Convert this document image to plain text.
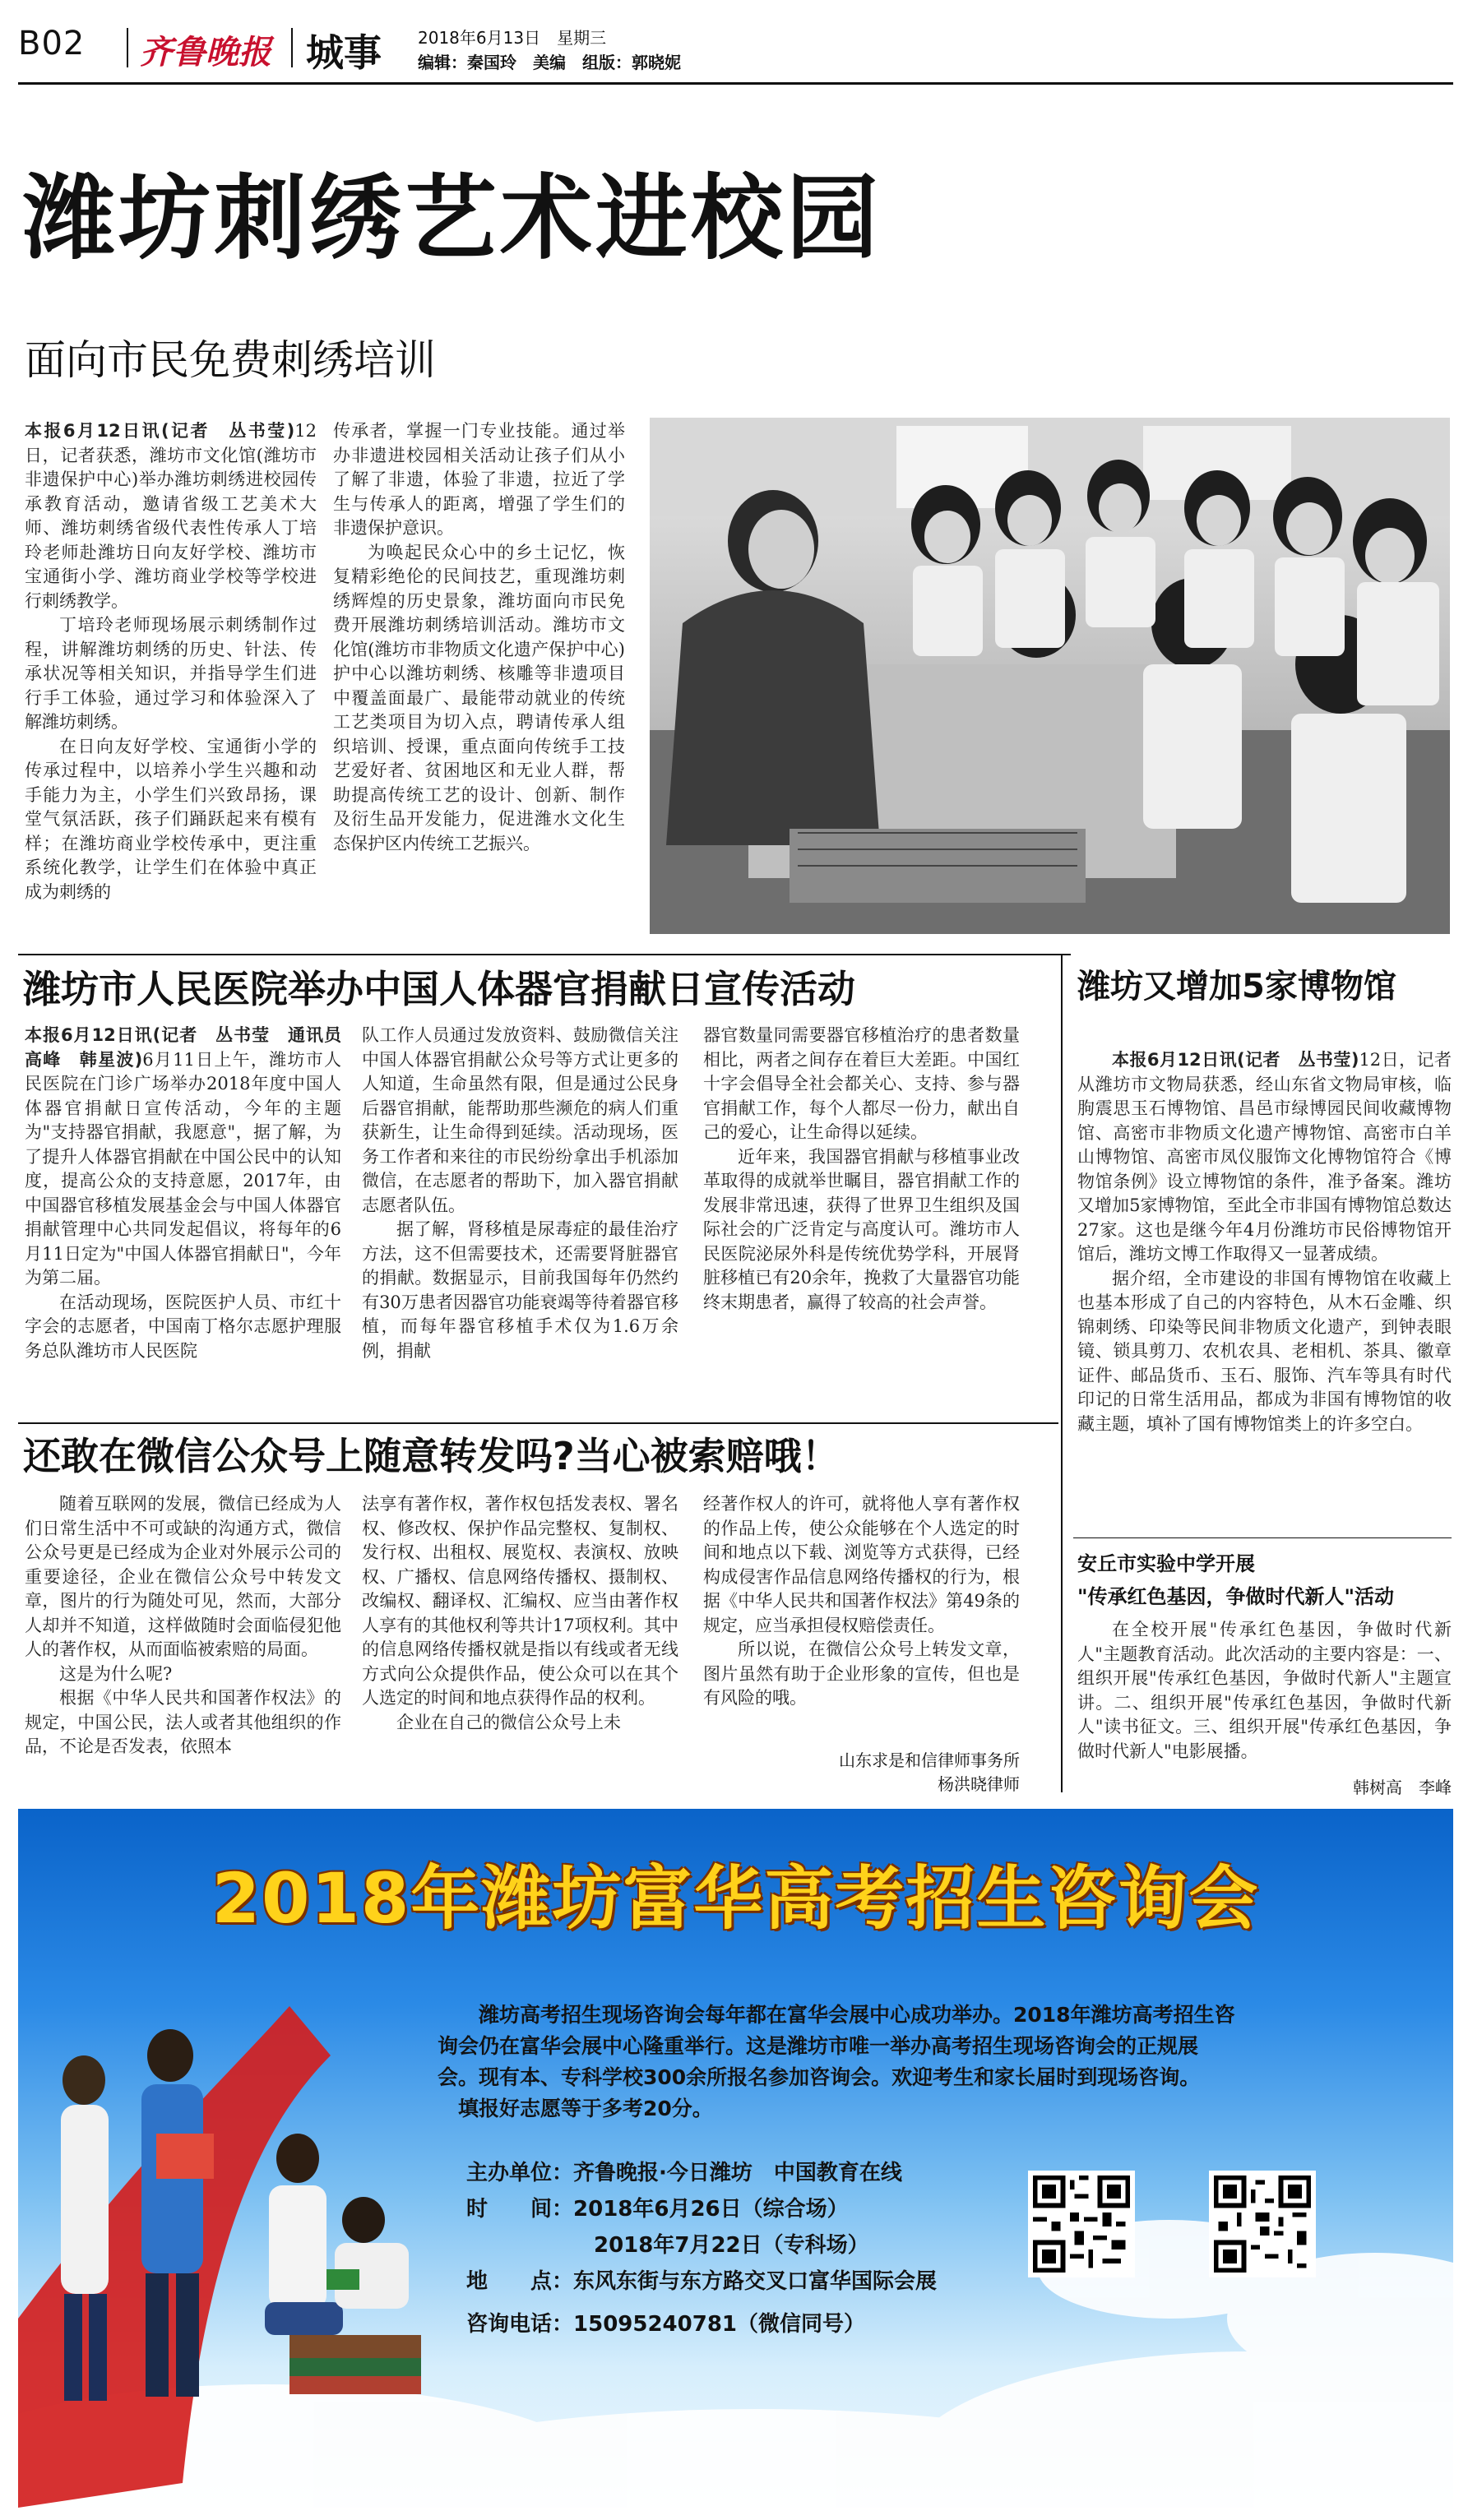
B02 齐鲁晚报 城事 2018年6月13日　星期三
编辑：秦国玲　美编　组版：郭晓妮
潍坊刺绣艺术进校园
面向市民免费刺绣培训

本报6月12日讯(记者　丛书莹)12日，记者获悉，潍坊市文化馆(潍坊市非遗保护中心)举办潍坊刺绣进校园传承教育活动，邀请省级工艺美术大师、潍坊刺绣省级代表性传承人丁培玲老师赴潍坊日向友好学校、潍坊市宝通街小学、潍坊商业学校等学校进行刺绣教学。

丁培玲老师现场展示刺绣制作过程，讲解潍坊刺绣的历史、针法、传承状况等相关知识，并指导学生们进行手工体验，通过学习和体验深入了解潍坊刺绣。

在日向友好学校、宝通街小学的传承过程中，以培养小学生兴趣和动手能力为主，小学生们兴致昂扬，课堂气氛活跃，孩子们踊跃起来有模有样；在潍坊商业学校传承中，更注重系统化教学，让学生们在体验中真正成为刺绣的

传承者，掌握一门专业技能。通过举办非遗进校园相关活动让孩子们从小了解了非遗，体验了非遗，拉近了学生与传承人的距离，增强了学生们的非遗保护意识。

为唤起民众心中的乡土记忆，恢复精彩绝伦的民间技艺，重现潍坊刺绣辉煌的历史景象，潍坊面向市民免费开展潍坊刺绣培训活动。潍坊市文化馆(潍坊市非物质文化遗产保护中心)护中心以潍坊刺绣、核雕等非遗项目中覆盖面最广、最能带动就业的传统工艺类项目为切入点，聘请传承人组织培训、授课，重点面向传统手工技艺爱好者、贫困地区和无业人群，帮助提高传统工艺的设计、创新、制作及衍生品开发能力，促进潍水文化生态保护区内传统工艺振兴。

潍坊市人民医院举办中国人体器官捐献日宣传活动

本报6月12日讯(记者　丛书莹　通讯员　高峰　韩星波)6月11日上午，潍坊市人民医院在门诊广场举办2018年度中国人体器官捐献日宣传活动，今年的主题为"支持器官捐献，我愿意"，据了解，为了提升人体器官捐献在中国公民中的认知度，提高公众的支持意愿，2017年，由中国器官移植发展基金会与中国人体器官捐献管理中心共同发起倡议，将每年的6月11日定为"中国人体器官捐献日"，今年为第二届。

在活动现场，医院医护人员、市红十字会的志愿者，中国南丁格尔志愿护理服务总队潍坊市人民医院

队工作人员通过发放资料、鼓励微信关注中国人体器官捐献公众号等方式让更多的人知道，生命虽然有限，但是通过公民身后器官捐献，能帮助那些濒危的病人们重获新生，让生命得到延续。活动现场，医务工作者和来往的市民纷纷拿出手机添加微信，在志愿者的帮助下，加入器官捐献志愿者队伍。

据了解，肾移植是尿毒症的最佳治疗方法，这不但需要技术，还需要肾脏器官的捐献。数据显示，目前我国每年仍然约有30万患者因器官功能衰竭等待着器官移植，而每年器官移植手术仅为1.6万余例，捐献

器官数量同需要器官移植治疗的患者数量相比，两者之间存在着巨大差距。中国红十字会倡导全社会都关心、支持、参与器官捐献工作，每个人都尽一份力，献出自己的爱心，让生命得以延续。

近年来，我国器官捐献与移植事业改革取得的成就举世瞩目，器官捐献工作的发展非常迅速，获得了世界卫生组织及国际社会的广泛肯定与高度认可。潍坊市人民医院泌尿外科是传统优势学科，开展肾脏移植已有20余年，挽救了大量器官功能终末期患者，赢得了较高的社会声誉。

潍坊又增加5家博物馆

本报6月12日讯(记者　丛书莹)12日，记者从潍坊市文物局获悉，经山东省文物局审核，临朐震思玉石博物馆、昌邑市绿博园民间收藏博物馆、高密市非物质文化遗产博物馆、高密市白羊山博物馆、高密市凤仪服饰文化博物馆符合《博物馆条例》设立博物馆的条件，准予备案。潍坊又增加5家博物馆，至此全市非国有博物馆总数达27家。这也是继今年4月份潍坊市民俗博物馆开馆后，潍坊文博工作取得又一显著成绩。

据介绍，全市建设的非国有博物馆在收藏上也基本形成了自己的内容特色，从木石金雕、织锦刺绣、印染等民间非物质文化遗产，到钟表眼镜、锁具剪刀、农机农具、老相机、茶具、徽章证件、邮品货币、玉石、服饰、汽车等具有时代印记的日常生活用品，都成为非国有博物馆的收藏主题，填补了国有博物馆类上的许多空白。

还敢在微信公众号上随意转发吗?当心被索赔哦！

随着互联网的发展，微信已经成为人们日常生活中不可或缺的沟通方式，微信公众号更是已经成为企业对外展示公司的重要途径，企业在微信公众号中转发文章，图片的行为随处可见，然而，大部分人却并不知道，这样做随时会面临侵犯他人的著作权，从而面临被索赔的局面。

这是为什么呢?

根据《中华人民共和国著作权法》的规定，中国公民，法人或者其他组织的作品，不论是否发表，依照本

法享有著作权，著作权包括发表权、署名权、修改权、保护作品完整权、复制权、发行权、出租权、展览权、表演权、放映权、广播权、信息网络传播权、摄制权、改编权、翻译权、汇编权、应当由著作权人享有的其他权利等共计17项权利。其中的信息网络传播权就是指以有线或者无线方式向公众提供作品，使公众可以在其个人选定的时间和地点获得作品的权利。

企业在自己的微信公众号上未

经著作权人的许可，就将他人享有著作权的作品上传，使公众能够在个人选定的时间和地点以下载、浏览等方式获得，已经构成侵害作品信息网络传播权的行为，根据《中华人民共和国著作权法》第49条的规定，应当承担侵权赔偿责任。

所以说，在微信公众号上转发文章，图片虽然有助于企业形象的宣传，但也是有风险的哦。

山东求是和信律师事务所
杨洪晓律师
安丘市实验中学开展
"传承红色基因，争做时代新人"活动

在全校开展"传承红色基因，争做时代新人"主题教育活动。此次活动的主要内容是：一、组织开展"传承红色基因，争做时代新人"主题宣讲。二、组织开展"传承红色基因，争做时代新人"读书征文。三、组织开展"传承红色基因，争做时代新人"电影展播。

韩树高　李峰
2018年潍坊富华高考招生咨询会
潍坊高考招生现场咨询会每年都在富华会展中心成功举办。2018年潍坊高考招生咨
询会仍在富华会展中心隆重举行。这是潍坊市唯一举办高考招生现场咨询会的正规展
会。现有本、专科学校300余所报名参加咨询会。欢迎考生和家长届时到现场咨询。
填报好志愿等于多考20分。
主办单位：齐鲁晚报·今日潍坊　中国教育在线
时　　间：2018年6月26日（综合场）
2018年7月22日（专科场）
地　　点：东风东街与东方路交叉口富华国际会展
咨询电话：15095240781（微信同号）
